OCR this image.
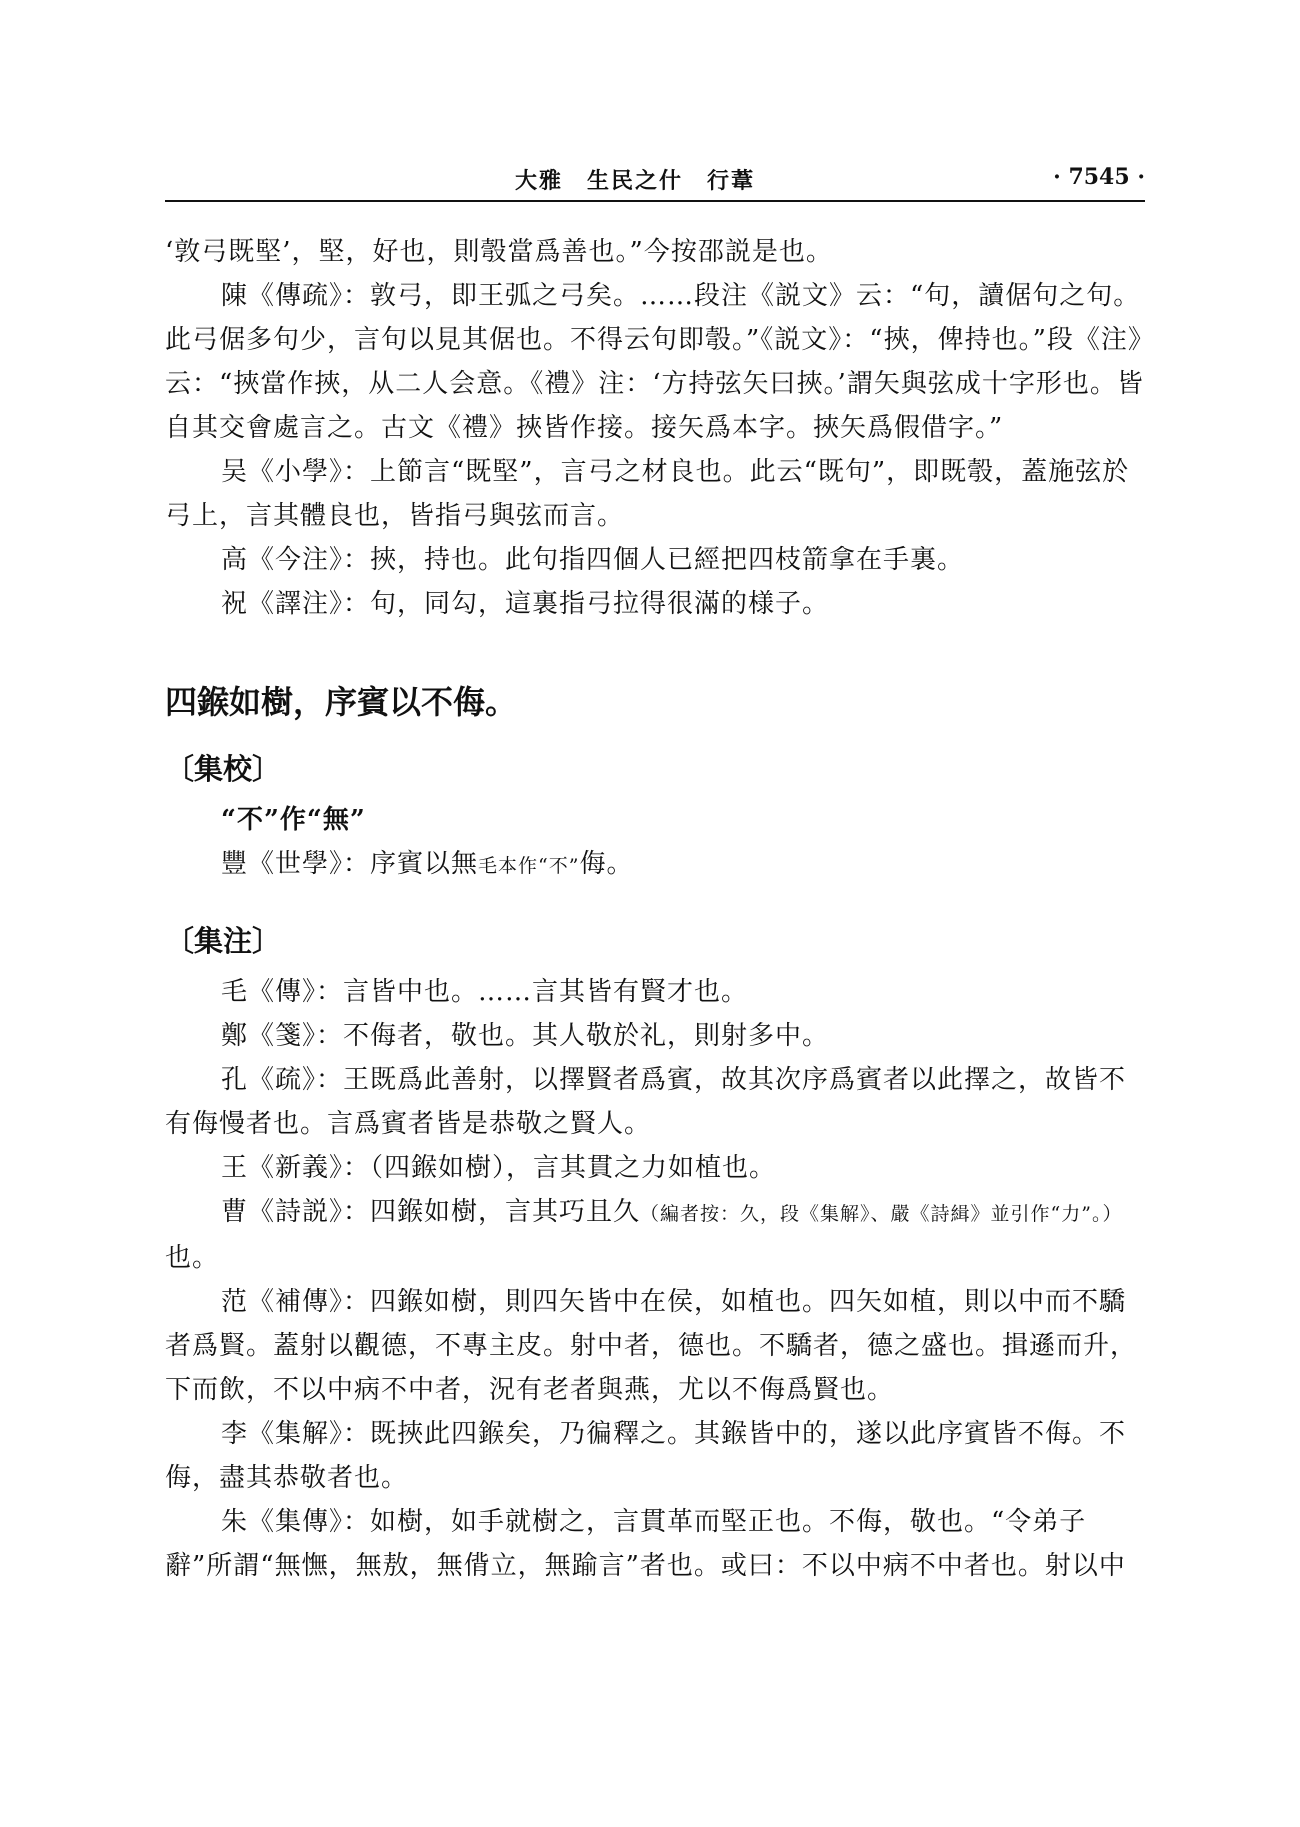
大雅　生民之什　行葦	· 7545 ·

‘敦弓既堅’，堅，好也，則彀當爲善也。”今按邵説是也。

陳《傳疏》：敦弓，即王弧之弓矣。……段注《説文》云：“句，讀倨句之句。此弓倨多句少，言句以見其倨也。不得云句即彀。”《説文》：“挾，俾持也。”段《注》云：“挾當作挾，从二人会意。《禮》注：‘方持弦矢曰挾。’謂矢與弦成十字形也。皆自其交會處言之。古文《禮》挾皆作接。接矢爲本字。挾矢爲假借字。”

吴《小學》：上節言“既堅”，言弓之材良也。此云“既句”，即既彀，蓋施弦於弓上，言其體良也，皆指弓與弦而言。

高《今注》：挾，持也。此句指四個人已經把四枝箭拿在手裏。

祝《譯注》：句，同勾，這裏指弓拉得很滿的様子。

四鍭如樹，序賓以不侮。
〔集校〕

“不”作“無”

豐《世學》：序賓以無毛本作“不”侮。

〔集注〕

毛《傳》：言皆中也。……言其皆有賢才也。

鄭《箋》：不侮者，敬也。其人敬於礼，則射多中。

孔《疏》：王既爲此善射，以擇賢者爲賓，故其次序爲賓者以此擇之，故皆不有侮慢者也。言爲賓者皆是恭敬之賢人。

王《新義》：（四鍭如樹），言其貫之力如植也。

曹《詩説》：四鍭如樹，言其巧且久（編者按：久，段《集解》、嚴《詩緝》並引作“力”。）也。

范《補傳》：四鍭如樹，則四矢皆中在侯，如植也。四矢如植，則以中而不驕者爲賢。蓋射以觀德，不專主皮。射中者，德也。不驕者，德之盛也。揖遜而升，下而飲，不以中病不中者，況有老者與燕，尤以不侮爲賢也。

李《集解》：既挾此四鍭矣，乃徧釋之。其鍭皆中的，遂以此序賓皆不侮。不侮，盡其恭敬者也。

朱《集傳》：如樹，如手就樹之，言貫革而堅正也。不侮，敬也。“令弟子辭”所謂“無憮，無敖，無偝立，無踰言”者也。或曰：不以中病不中者也。射以中
